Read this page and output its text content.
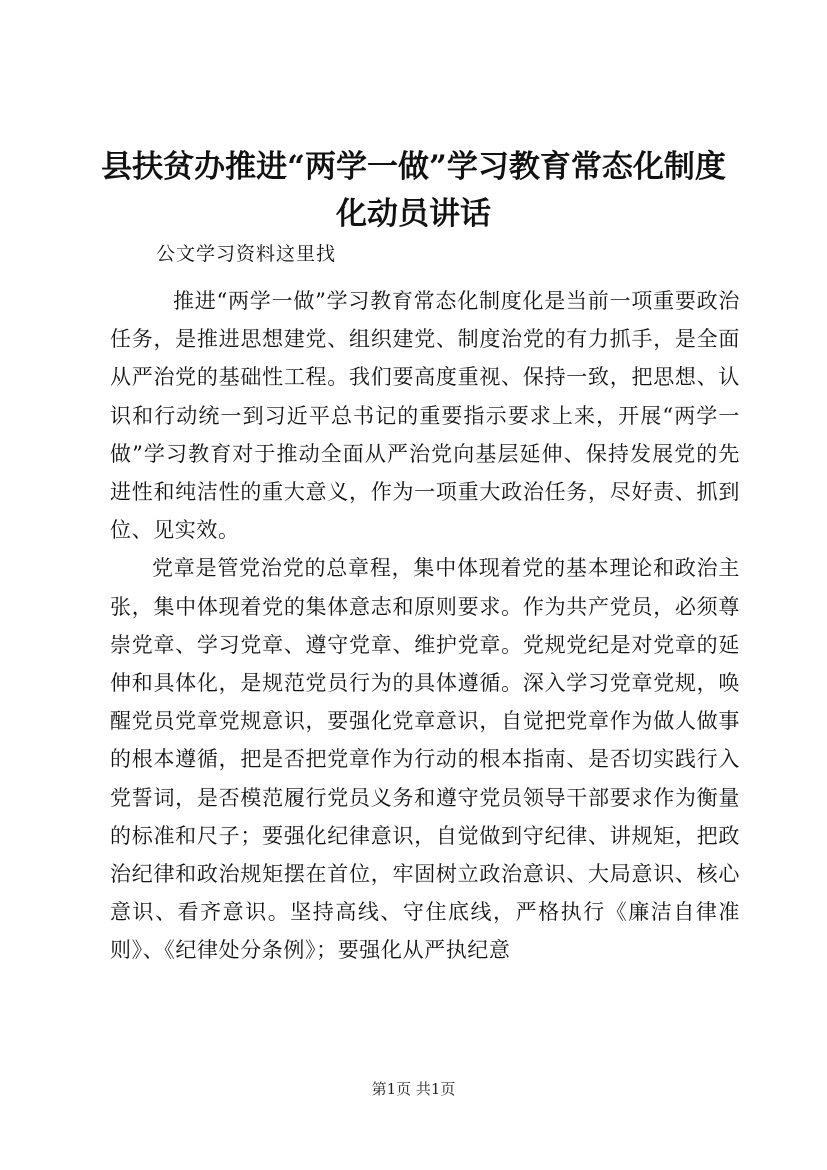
县扶贫办推进“两学一做”学习教育常态化制度化动员讲话

公文学习资料这里找

推进“两学一做”学习教育常态化制度化是当前一项重要政治任务，是推进思想建党、组织建党、制度治党的有力抓手，是全面从严治党的基础性工程。我们要高度重视、保持一致，把思想、认识和行动统一到习近平总书记的重要指示要求上来，开展“两学一做”学习教育对于推动全面从严治党向基层延伸、保持发展党的先进性和纯洁性的重大意义，作为一项重大政治任务，尽好责、抓到位、见实效。

党章是管党治党的总章程，集中体现着党的基本理论和政治主张，集中体现着党的集体意志和原则要求。作为共产党员，必须尊崇党章、学习党章、遵守党章、维护党章。党规党纪是对党章的延伸和具体化，是规范党员行为的具体遵循。深入学习党章党规，唤醒党员党章党规意识，要强化党章意识，自觉把党章作为做人做事的根本遵循，把是否把党章作为行动的根本指南、是否切实践行入党誓词，是否模范履行党员义务和遵守党员领导干部要求作为衡量的标准和尺子；要强化纪律意识，自觉做到守纪律、讲规矩，把政治纪律和政治规矩摆在首位，牢固树立政治意识、大局意识、核心意识、看齐意识。坚持高线、守住底线，严格执行《廉洁自律准则》、《纪律处分条例》；要强化从严执纪意

第1页 共1页
